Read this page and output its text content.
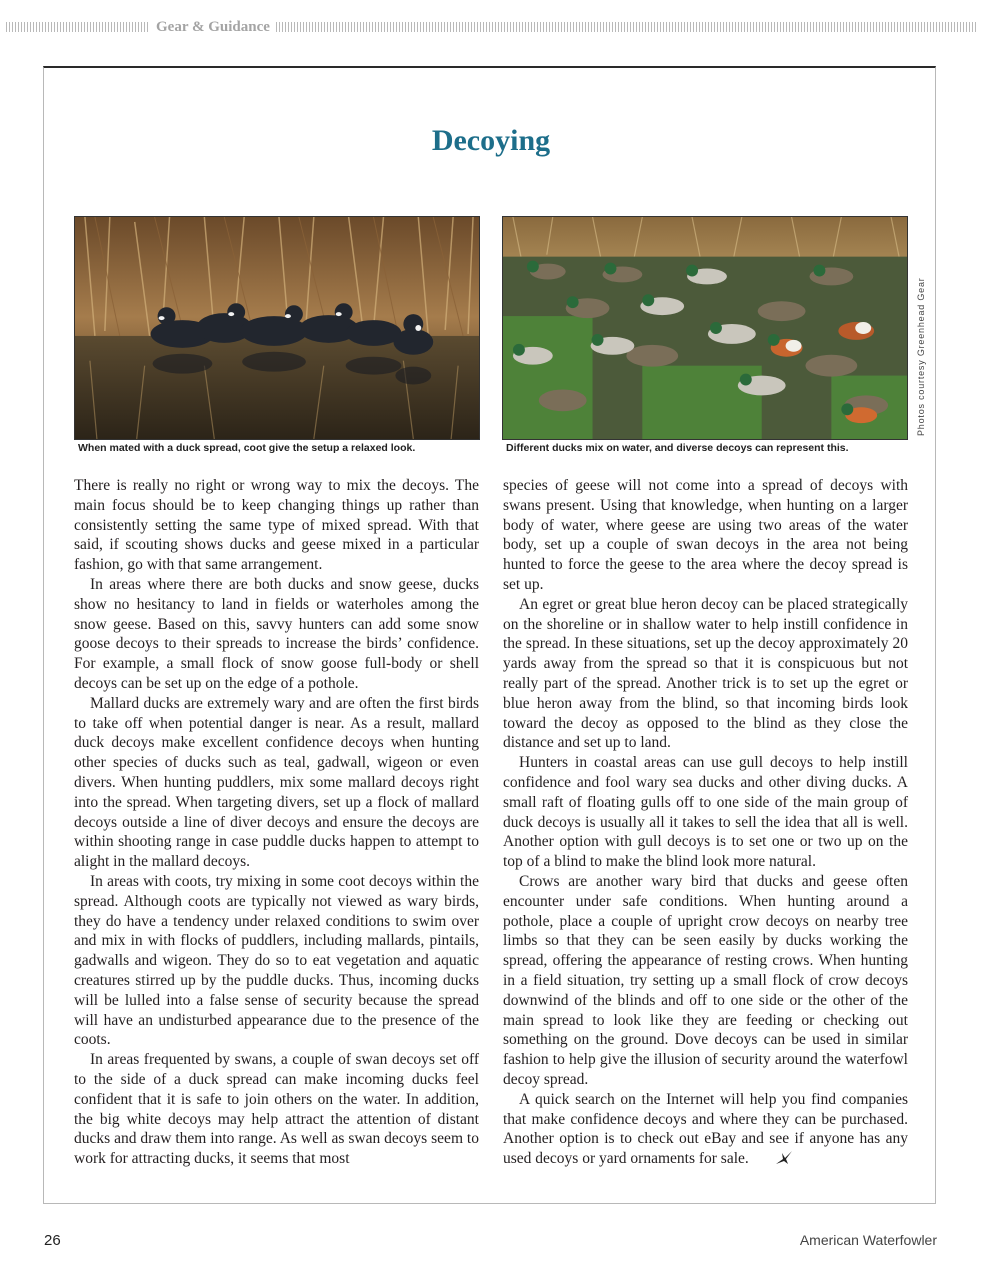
Gear & Guidance
Decoying
When mated with a duck spread, coot give the setup a relaxed look.	Different ducks mix on water, and diverse decoys can represent this.
Photos courtesy Greenhead Gear

There is really no right or wrong way to mix the decoys. The main focus should be to keep changing things up rather than consistently setting the same type of mixed spread. With that said, if scouting shows ducks and geese mixed in a particular fashion, go with that same arrangement.

In areas where there are both ducks and snow geese, ducks show no hesitancy to land in fields or waterholes among the snow geese. Based on this, savvy hunters can add some snow goose decoys to their spreads to increase the birds’ confidence. For example, a small flock of snow goose full-body or shell decoys can be set up on the edge of a pothole.

Mallard ducks are extremely wary and are often the first birds to take off when potential danger is near. As a result, mallard duck decoys make excellent confidence decoys when hunting other species of ducks such as teal, gadwall, wigeon or even divers. When hunting puddlers, mix some mallard decoys right into the spread. When targeting divers, set up a flock of mallard decoys outside a line of diver decoys and ensure the decoys are within shooting range in case puddle ducks happen to attempt to alight in the mallard decoys.

In areas with coots, try mixing in some coot decoys within the spread. Although coots are typically not viewed as wary birds, they do have a tendency under relaxed conditions to swim over and mix in with flocks of puddlers, including mallards, pintails, gadwalls and wigeon. They do so to eat vegetation and aquatic creatures stirred up by the puddle ducks. Thus, incoming ducks will be lulled into a false sense of security because the spread will have an undisturbed appearance due to the presence of the coots.

In areas frequented by swans, a couple of swan decoys set off to the side of a duck spread can make incoming ducks feel confident that it is safe to join others on the water. In addition, the big white decoys may help attract the attention of distant ducks and draw them into range. As well as swan decoys seem to work for attracting ducks, it seems that most

species of geese will not come into a spread of decoys with swans present. Using that knowledge, when hunting on a larger body of water, where geese are using two areas of the water body, set up a couple of swan decoys in the area not being hunted to force the geese to the area where the decoy spread is set up.

An egret or great blue heron decoy can be placed strategically on the shoreline or in shallow water to help instill confidence in the spread. In these situations, set up the decoy approximately 20 yards away from the spread so that it is conspicuous but not really part of the spread. Another trick is to set up the egret or blue heron away from the blind, so that incoming birds look toward the decoy as opposed to the blind as they close the distance and set up to land.

Hunters in coastal areas can use gull decoys to help instill confidence and fool wary sea ducks and other diving ducks. A small raft of floating gulls off to one side of the main group of duck decoys is usually all it takes to sell the idea that all is well. Another option with gull decoys is to set one or two up on the top of a blind to make the blind look more natural.

Crows are another wary bird that ducks and geese often encounter under safe conditions. When hunting around a pothole, place a couple of upright crow decoys on nearby tree limbs so that they can be seen easily by ducks working the spread, offering the appearance of resting crows. When hunting in a field situation, try setting up a small flock of crow decoys downwind of the blinds and off to one side or the other of the main spread to look like they are feeding or checking out something on the ground. Dove decoys can be used in similar fashion to help give the illusion of security around the waterfowl decoy spread.

A quick search on the Internet will help you find companies that make confidence decoys and where they can be purchased. Another option is to check out eBay and see if anyone has any used decoys or yard ornaments for sale.

26	American Waterfowler
